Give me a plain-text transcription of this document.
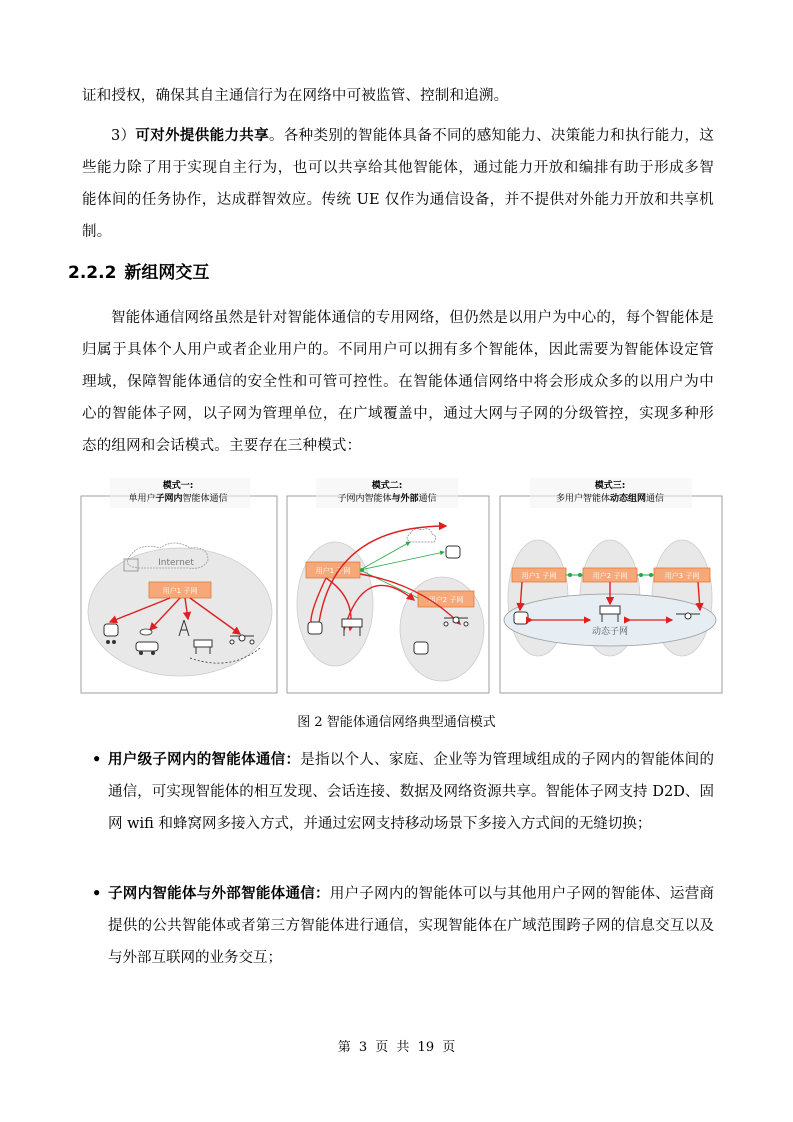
证和授权，确保其自主通信行为在网络中可被监管、控制和追溯。
3）可对外提供能力共享。各种类别的智能体具备不同的感知能力、决策能力和执行能力，这些能力除了用于实现自主行为，也可以共享给其他智能体，通过能力开放和编排有助于形成多智能体间的任务协作，达成群智效应。传统 UE 仅作为通信设备，并不提供对外能力开放和共享机制。
2.2.2 新组网交互
智能体通信网络虽然是针对智能体通信的专用网络，但仍然是以用户为中心的，每个智能体是归属于具体个人用户或者企业用户的。不同用户可以拥有多个智能体，因此需要为智能体设定管理域，保障智能体通信的安全性和可管可控性。在智能体通信网络中将会形成众多的以用户为中心的智能体子网，以子网为管理单位，在广域覆盖中，通过大网与子网的分级管控，实现多种形态的组网和会话模式。主要存在三种模式：
模式一:
单用户子网内智能体通信
Internet
用户1 子网
模式二:
子网内智能体与外部通信
用户1 子网
用户2 子网
模式三:
多用户智能体动态组网通信
用户1 子网	用户2 子网	用户3 子网
动态子网
图 2 智能体通信网络典型通信模式
• 用户级子网内的智能体通信：是指以个人、家庭、企业等为管理域组成的子网内的智能体间的通信，可实现智能体的相互发现、会话连接、数据及网络资源共享。智能体子网支持 D2D、固网 wifi 和蜂窝网多接入方式，并通过宏网支持移动场景下多接入方式间的无缝切换；
• 子网内智能体与外部智能体通信：用户子网内的智能体可以与其他用户子网的智能体、运营商提供的公共智能体或者第三方智能体进行通信，实现智能体在广域范围跨子网的信息交互以及与外部互联网的业务交互；
第 3 页 共 19 页
